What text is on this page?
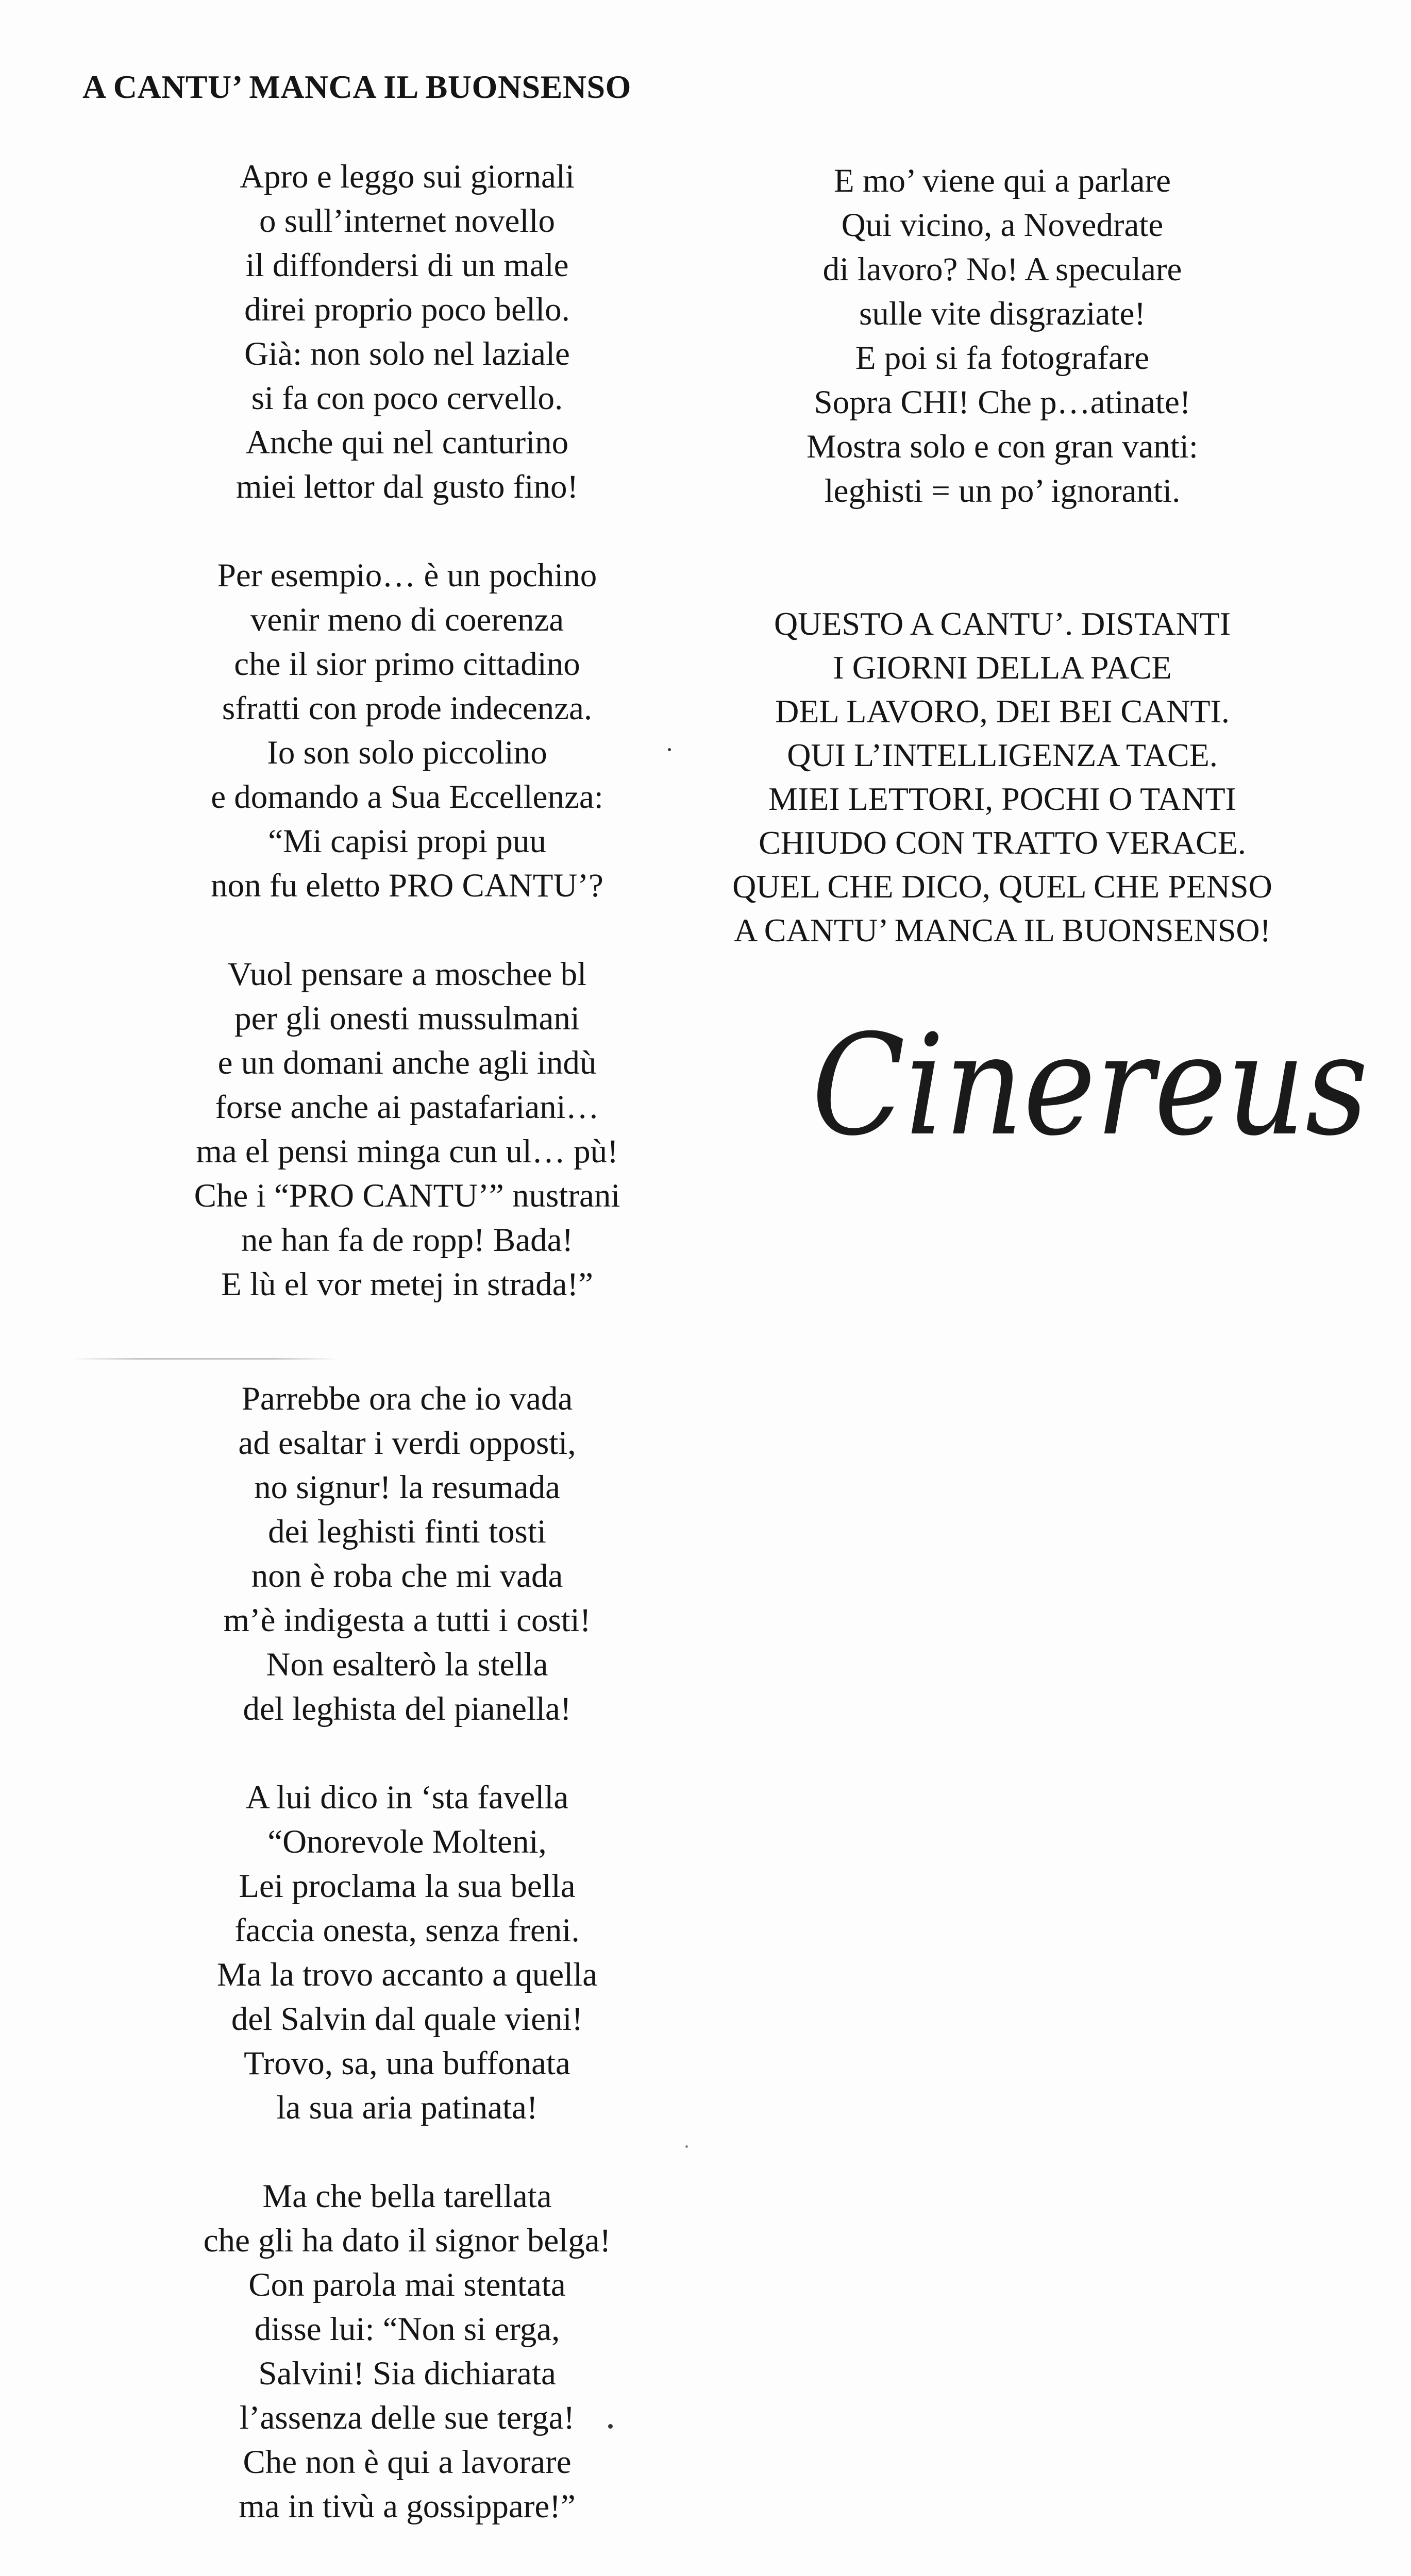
A CANTU’ MANCA IL BUONSENSO
Apro e leggo sui giornali
o sull’internet novello
il diffondersi di un male
direi proprio poco bello.
Già: non solo nel laziale
si fa con poco cervello.
Anche qui nel canturino
miei lettor dal gusto fino!
Per esempio… è un pochino
venir meno di coerenza
che il sior primo cittadino
sfratti con prode indecenza.
Io son solo piccolino
e domando a Sua Eccellenza:
“Mi capisi propi puu
non fu eletto PRO CANTU’?
Vuol pensare a moschee bl
per gli onesti mussulmani
e un domani anche agli indù
forse anche ai pastafariani…
ma el pensi minga cun ul… pù!
Che i “PRO CANTU’” nustrani
ne han fa de ropp! Bada!
E lù el vor metej in strada!”
Parrebbe ora che io vada
ad esaltar i verdi opposti,
no signur! la resumada
dei leghisti finti tosti
non è roba che mi vada
m’è indigesta a tutti i costi!
Non esalterò la stella
del leghista del pianella!
A lui dico in ‘sta favella
“Onorevole Molteni,
Lei proclama la sua bella
faccia onesta, senza freni.
Ma la trovo accanto a quella
del Salvin dal quale vieni!
Trovo, sa, una buffonata
la sua aria patinata!
Ma che bella tarellata
che gli ha dato il signor belga!
Con parola mai stentata
disse lui: “Non si erga,
Salvini! Sia dichiarata
l’assenza delle sue terga!
Che non è qui a lavorare
ma in tivù a gossippare!”
E mo’ viene qui a parlare
Qui vicino, a Novedrate
di lavoro? No! A speculare
sulle vite disgraziate!
E poi si fa fotografare
Sopra CHI! Che p…atinate!
Mostra solo e con gran vanti:
leghisti = un po’ ignoranti.
QUESTO A CANTU’. DISTANTI
I GIORNI DELLA PACE
DEL LAVORO, DEI BEI CANTI.
QUI L’INTELLIGENZA TACE.
MIEI LETTORI, POCHI O TANTI
CHIUDO CON TRATTO VERACE.
QUEL CHE DICO, QUEL CHE PENSO
A CANTU’ MANCA IL BUONSENSO!
Cinereus
